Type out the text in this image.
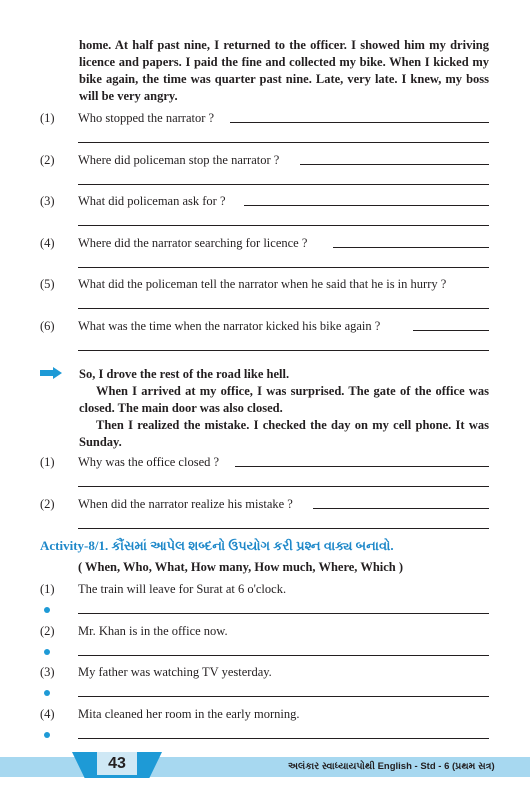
home. At half past nine, I returned to the officer. I showed him my driving licence and papers. I paid the fine and collected my bike. When I kicked my bike again, the time was quarter past nine. Late, very late. I knew, my boss will be very angry.
(1) Who stopped the narrator ?
(2) Where did policeman stop the narrator ?
(3) What did policeman ask for ?
(4) Where did the narrator searching for licence ?
(5) What did the policeman tell the narrator when he said that he is in hurry ?
(6) What was the time when the narrator kicked his bike again ?
So, I drove the rest of the road like hell.
When I arrived at my office, I was surprised. The gate of the office was closed. The main door was also closed.
Then I realized the mistake. I checked the day on my cell phone. It was Sunday.
(1) Why was the office closed ?
(2) When did the narrator realize his mistake ?
Activity-8/1. કૌંસમાં આપેલ શબ્દનો ઉપયોગ કરી પ્રશ્ન વાક્ય બનાવો.
( When, Who, What, How many, How much, Where, Which )
(1) The train will leave for Surat at 6 o'clock.
(2) Mr. Khan is in the office now.
(3) My father was watching TV yesterday.
(4) Mita cleaned her room in the early morning.
43	અલંકાર સ્વાધ્યાયપોથી English - Std - 6 (પ્રથમ સત્ર)
